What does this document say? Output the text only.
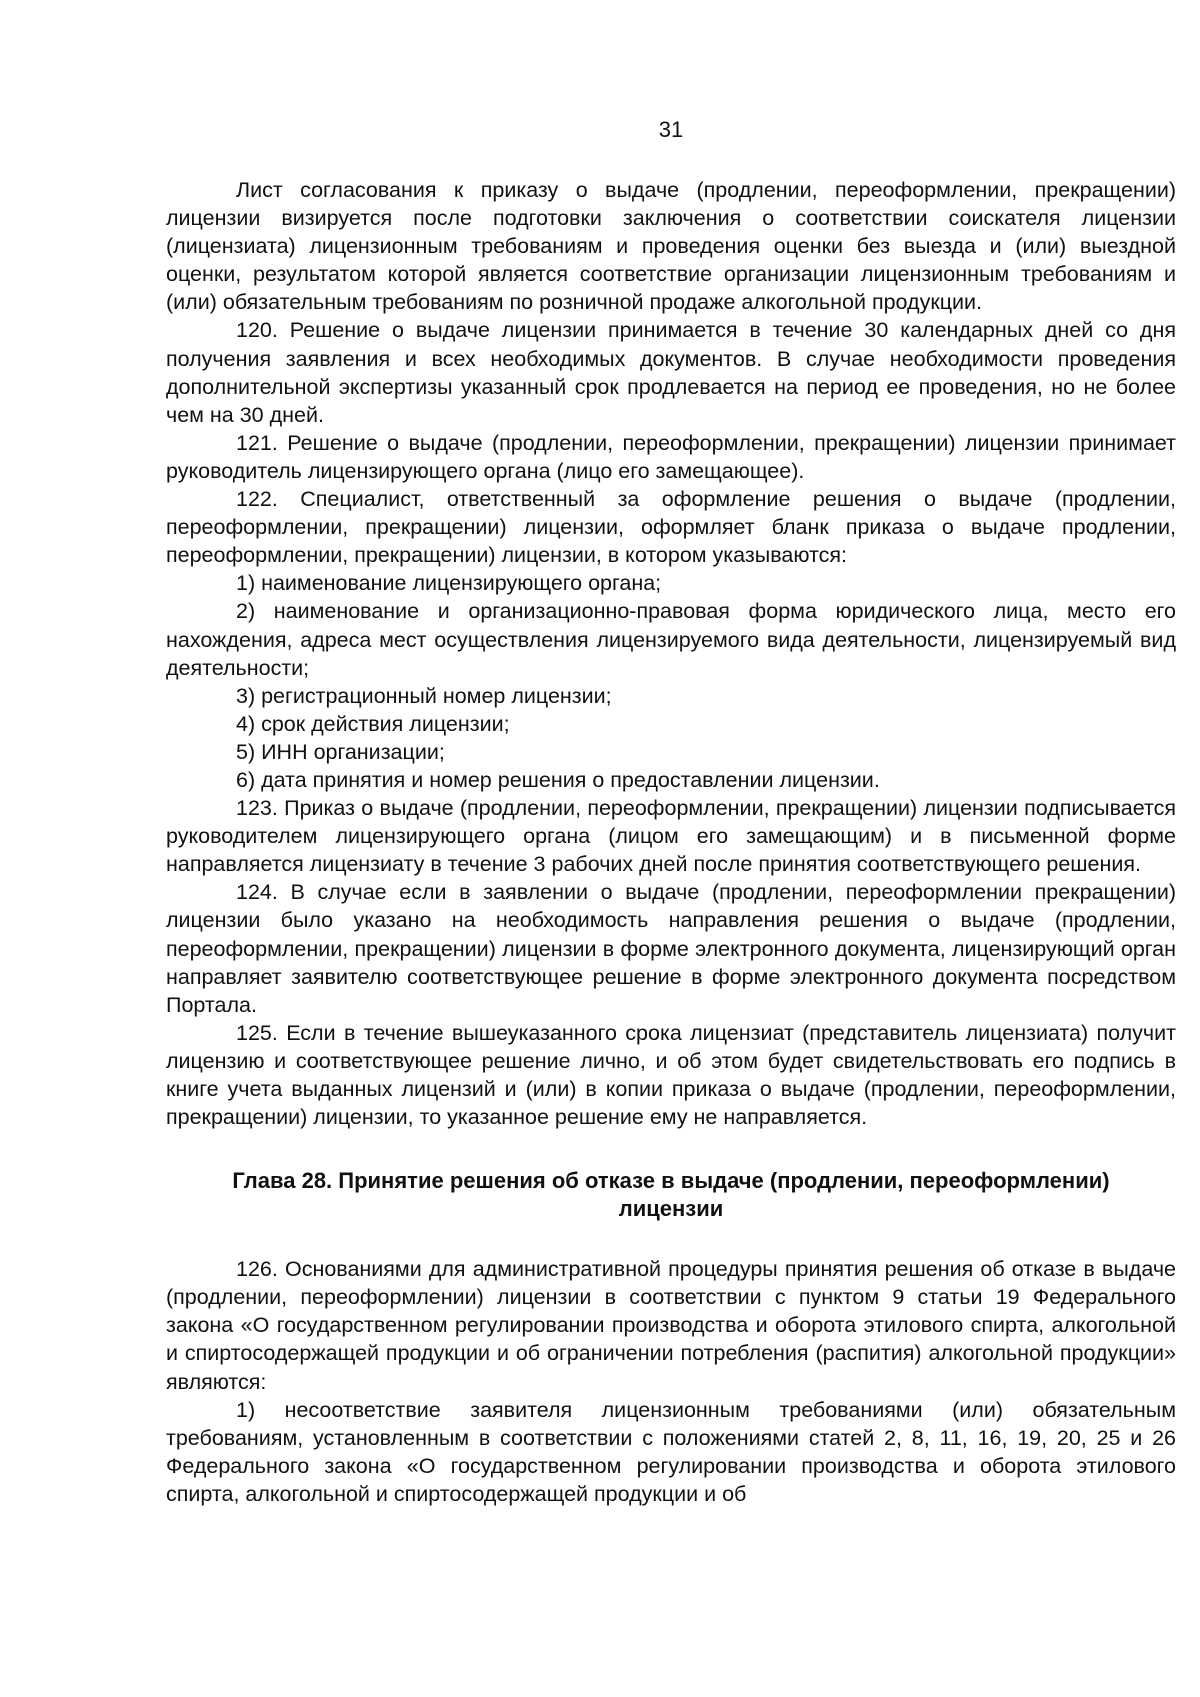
31

Лист согласования к приказу о выдаче (продлении, переоформлении, прекращении) лицензии визируется после подготовки заключения о соответствии соискателя лицензии (лицензиата) лицензионным требованиям и проведения оценки без выезда и (или) выездной оценки, результатом которой является соответствие организации лицензионным требованиям и (или) обязательным требованиям по розничной продаже алкогольной продукции.

120. Решение о выдаче лицензии принимается в течение 30 календарных дней со дня получения заявления и всех необходимых документов. В случае необходимости проведения дополнительной экспертизы указанный срок продлевается на период ее проведения, но не более чем на 30 дней.

121. Решение о выдаче (продлении, переоформлении, прекращении) лицензии принимает руководитель лицензирующего органа (лицо его замещающее).

122. Специалист, ответственный за оформление решения о выдаче (продлении, переоформлении, прекращении) лицензии, оформляет бланк приказа о выдаче продлении, переоформлении, прекращении) лицензии, в котором указываются:

1) наименование лицензирующего органа;

2) наименование и организационно-правовая форма юридического лица, место его нахождения, адреса мест осуществления лицензируемого вида деятельности, лицензируемый вид деятельности;

3) регистрационный номер лицензии;

4) срок действия лицензии;

5) ИНН организации;

6) дата принятия и номер решения о предоставлении лицензии.

123. Приказ о выдаче (продлении, переоформлении, прекращении) лицензии подписывается руководителем лицензирующего органа (лицом его замещающим) и в письменной форме направляется лицензиату в течение 3 рабочих дней после принятия соответствующего решения.

124. В случае если в заявлении о выдаче (продлении, переоформлении прекращении) лицензии было указано на необходимость направления решения о выдаче (продлении, переоформлении, прекращении) лицензии в форме электронного документа, лицензирующий орган направляет заявителю соответствующее решение в форме электронного документа посредством Портала.

125. Если в течение вышеуказанного срока лицензиат (представитель лицензиата) получит лицензию и соответствующее решение лично, и об этом будет свидетельствовать его подпись в книге учета выданных лицензий и (или) в копии приказа о выдаче (продлении, переоформлении, прекращении) лицензии, то указанное решение ему не направляется.

Глава 28. Принятие решения об отказе в выдаче (продлении, переоформлении)
лицензии

126. Основаниями для административной процедуры принятия решения об отказе в выдаче (продлении, переоформлении) лицензии в соответствии с пунктом 9 статьи 19 Федерального закона «О государственном регулировании производства и оборота этилового спирта, алкогольной и спиртосодержащей продукции и об ограничении потребления (распития) алкогольной продукции» являются:

1) несоответствие заявителя лицензионным требованиями (или) обязательным требованиям, установленным в соответствии с положениями статей 2, 8, 11, 16, 19, 20, 25 и 26 Федерального закона «О государственном регулировании производства и оборота этилового спирта, алкогольной и спиртосодержащей продукции и об
